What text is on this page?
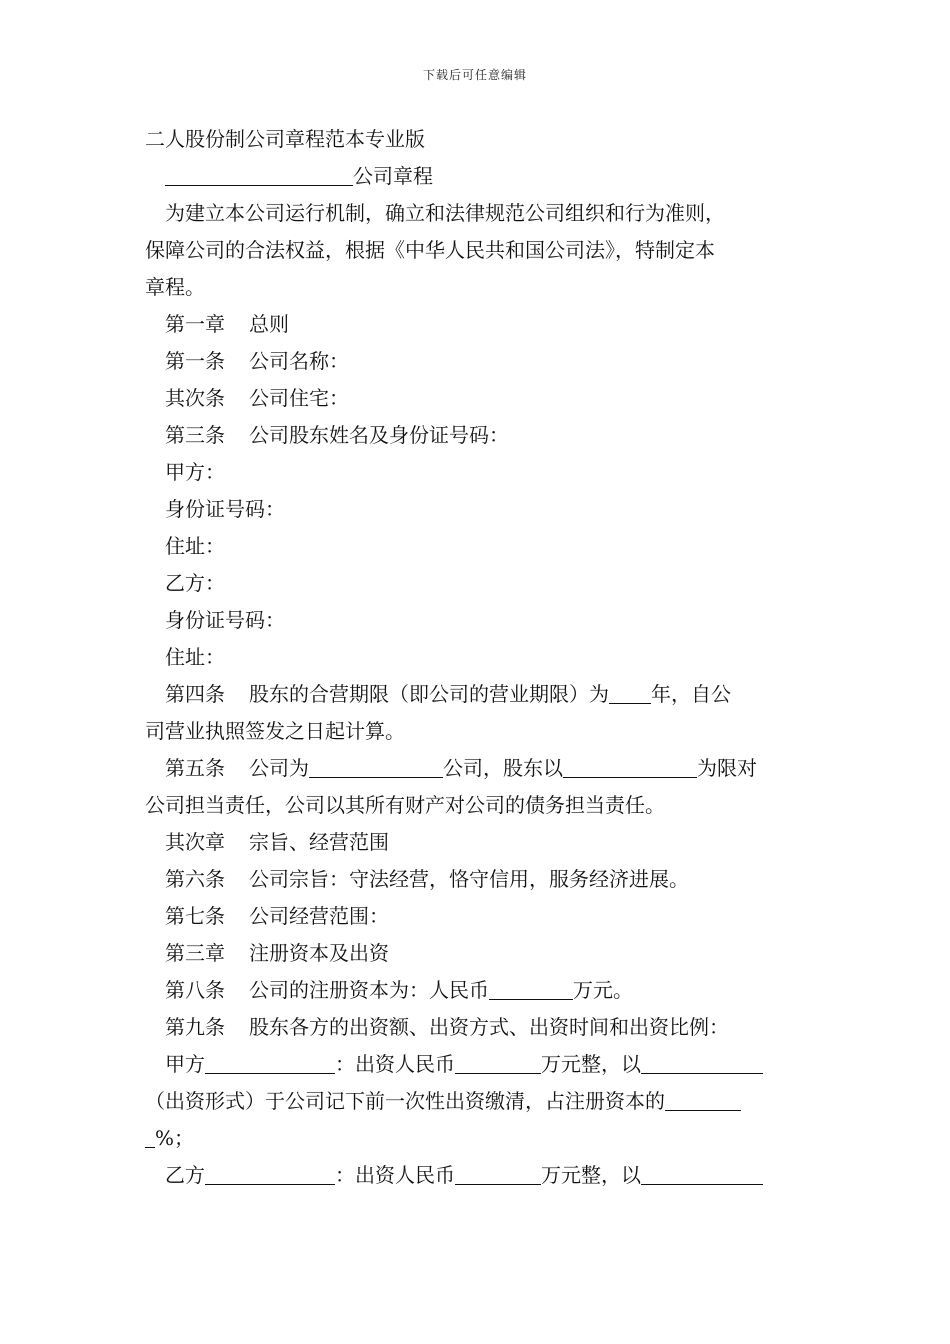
下载后可任意编辑
二人股份制公司章程范本专业版
公司章程
为建立本公司运行机制，确立和法律规范公司组织和行为准则，
保障公司的合法权益，根据《中华人民共和国公司法》，特制定本
章程。
第一章 总则
第一条 公司名称：
其次条 公司住宅：
第三条 公司股东姓名及身份证号码：
甲方：
身份证号码：
住址：
乙方：
身份证号码：
住址：
第四条 股东的合营期限（即公司的营业期限）为 年，自公
司营业执照签发之日起计算。
第五条 公司为	公司，股东以	为限对
公司担当责任，公司以其所有财产对公司的债务担当责任。
其次章 宗旨、经营范围
第六条 公司宗旨：守法经营，恪守信用，服务经济进展。
第七条 公司经营范围：
第三章 注册资本及出资
第八条 公司的注册资本为：人民币	万元。
第九条 股东各方的出资额、出资方式、出资时间和出资比例：
甲方	：出资人民币	万元整，以
（出资形式）于公司记下前一次性出资缴清，占注册资本的
%；
乙方	：出资人民币	万元整，以
